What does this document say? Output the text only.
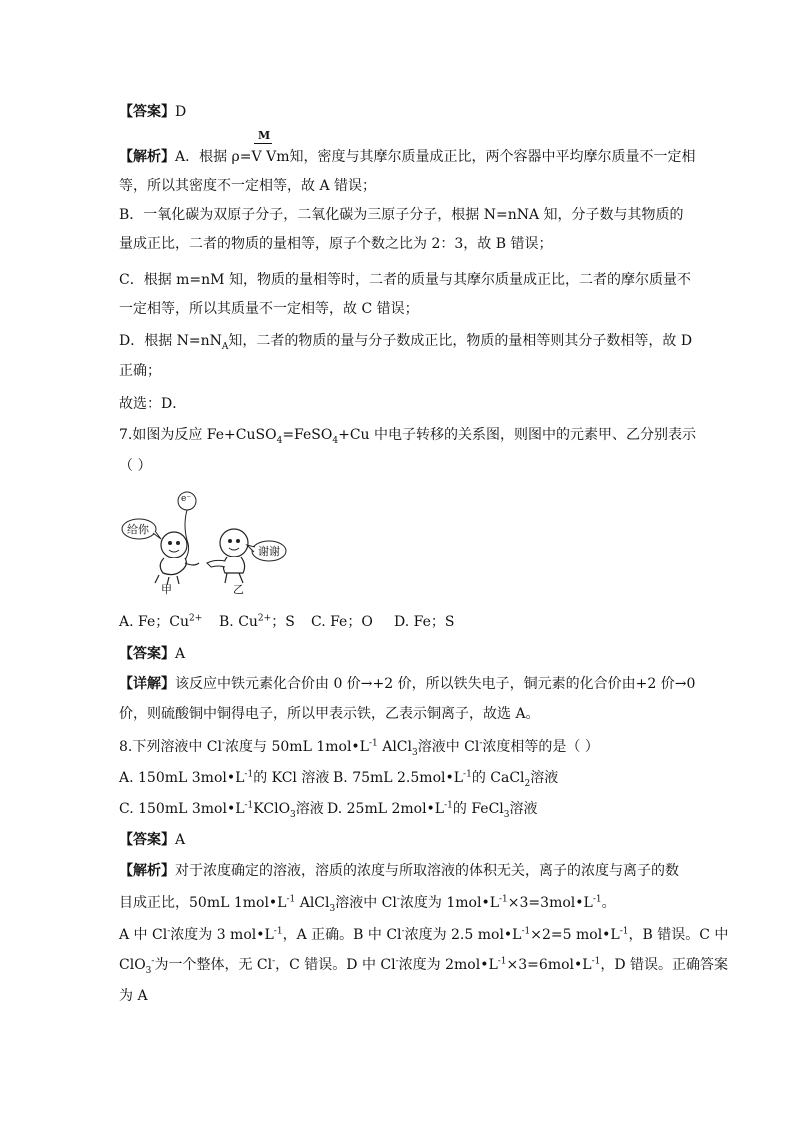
【答案】D
M
【解析】A．根据 ρ=V Vm知，密度与其摩尔质量成正比，两个容器中平均摩尔质量不一定相
等，所以其密度不一定相等，故 A 错误；
B．一氧化碳为双原子分子，二氧化碳为三原子分子，根据 N=nNA 知，分子数与其物质的
量成正比，二者的物质的量相等，原子个数之比为 2：3，故 B 错误；
C．根据 m=nM 知，物质的量相等时，二者的质量与其摩尔质量成正比，二者的摩尔质量不
一定相等，所以其质量不一定相等，故 C 错误；
D．根据 $N=nN_A$知，二者的物质的量与分子数成正比，物质的量相等则其分子数相等，故 D
正确；
故选：D．
7.如图为反应 Fe+CuSO$_4$=FeSO$_4$+Cu 中电子转移的关系图，则图中的元素甲、乙分别表示
（ ）
给你
e⁻
谢谢
甲	乙
A. Fe；$Cu^{2+}$ B. $Cu^{2+}$；S C. Fe；O D. Fe；S
【答案】A
【详解】该反应中铁元素化合价由 0 价→+2 价，所以铁失电子，铜元素的化合价由+2 价→0
价，则硫酸铜中铜得电子，所以甲表示铁，乙表示铜离子，故选 A。
8.下列溶液中 Cl-浓度与 50mL $1mol•L^{-1}$ AlCl$_3$溶液中 Cl-浓度相等的是（ ）
A. 150mL $3mol•L^{-1}$的 KCl 溶液 B. 75mL $2.5mol•L^{-1}$的 CaCl$_2$溶液
C. 150mL $3mol•L^{-1}KClO_3$溶液 D. 25mL $2mol•L^{-1}$的 FeCl$_3$溶液
【答案】A
【解析】对于浓度确定的溶液，溶质的浓度与所取溶液的体积无关，离子的浓度与离子的数
目成正比，50mL $1mol•L^{-1}$ AlCl$_3$溶液中 Cl-浓度为 $1mol•L^{-1}\times 3=3mol•L^{-1}$。
A 中 Cl-浓度为 3 $mol•L^{-1}$，A 正确。B 中 Cl-浓度为 2.5 $mol•L^{-1}\times 2=5$ $mol•L^{-1}$，B 错误。C 中
ClO$_3$-为一个整体，无 Cl-，C 错误。D 中 Cl-浓度为 $2mol•L^{-1}\times 3=6mol•L^{-1}$，D 错误。正确答案
为 A
